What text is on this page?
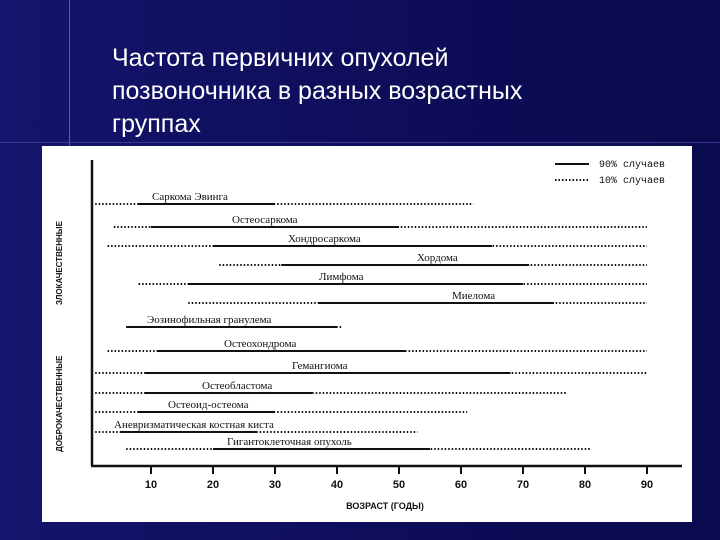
Частота первичних опухолей
позвоночника в разных возрастных
группах
ЗЛОКАЧЕСТВЕННЫЕ
ДОБРОКАЧЕСТВЕННЫЕ
90% случаев
10% случаев
ВОЗРАСТ (ГОДЫ)
10	20	30	40	50	60	70	80	90
Саркома Эвинга
Остеосаркома
Хондросаркома
Хордома
Лимфома
Миелома
Эозинофильная гранулема
Остеохондрома
Гемангиома
Остеобластома
Остеоид-остеома
Аневризматическая костная киста
Гигантоклеточная опухоль
